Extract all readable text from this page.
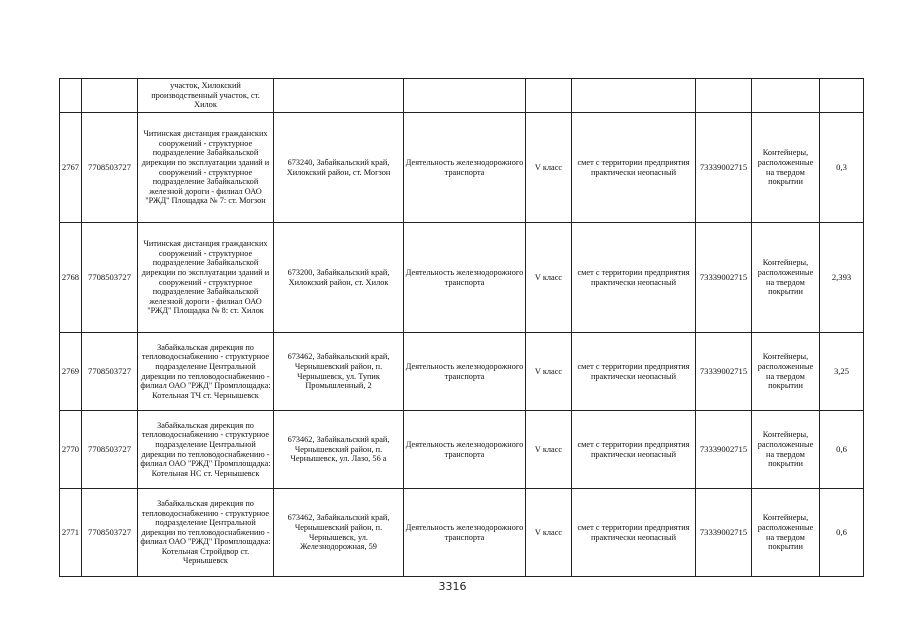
		участок, Хилокский производственный участок, ст. Хилок							
2767	7708503727	Читинская дистанция гражданских сооружений - структурное подразделение Забайкальской дирекции по эксплуатации зданий и сооружений - структурное подразделение Забайкальской железной дороги - филиал ОАО "РЖД" Площадка № 7: ст. Могзон	673240, Забайкальский край, Хилокский район, ст. Могзон	Деятельность железнодорожного транспорта	V класс	смет с территории предприятия практически неопасный	73339002715	Контейнеры, расположенные на твердом покрытии	0,3
2768	7708503727	Читинская дистанция гражданских сооружений - структурное подразделение Забайкальской дирекции по эксплуатации зданий и сооружений - структурное подразделение Забайкальской железной дороги - филиал ОАО "РЖД" Площадка № 8: ст. Хилок	673200, Забайкальский край, Хилокский район, ст. Хилок	Деятельность железнодорожного транспорта	V класс	смет с территории предприятия практически неопасный	73339002715	Контейнеры, расположенные на твердом покрытии	2,393
2769	7708503727	Забайкальская дирекция по тепловодоснабжению - структурное подразделение Центральной дирекции по тепловодоснабжению - филиал ОАО "РЖД" Промплощадка: Котельная ТЧ ст. Чернышевск	673462, Забайкальский край, Чернышевский район, п. Чернышевск, ул. Тупик Промышленный, 2	Деятельность железнодорожного транспорта	V класс	смет с территории предприятия практически неопасный	73339002715	Контейнеры, расположенные на твердом покрытии	3,25
2770	7708503727	Забайкальская дирекция по тепловодоснабжению - структурное подразделение Центральной дирекции по тепловодоснабжению - филиал ОАО "РЖД" Промплощадка: Котельная НС ст. Чернышевск	673462, Забайкальский край, Чернышевский район, п. Чернышевск, ул. Лазо, 56 а	Деятельность железнодорожного транспорта	V класс	смет с территории предприятия практически неопасный	73339002715	Контейнеры, расположенные на твердом покрытии	0,6
2771	7708503727	Забайкальская дирекция по тепловодоснабжению - структурное подразделение Центральной дирекции по тепловодоснабжению - филиал ОАО "РЖД" Промплощадка: Котельная Стройдвор ст. Чернышевск	673462, Забайкальский край, Чернышевский район, п. Чернышевск, ул. Железнодорожная, 59	Деятельность железнодорожного транспорта	V класс	смет с территории предприятия практически неопасный	73339002715	Контейнеры, расположенные на твердом покрытии	0,6
3316
